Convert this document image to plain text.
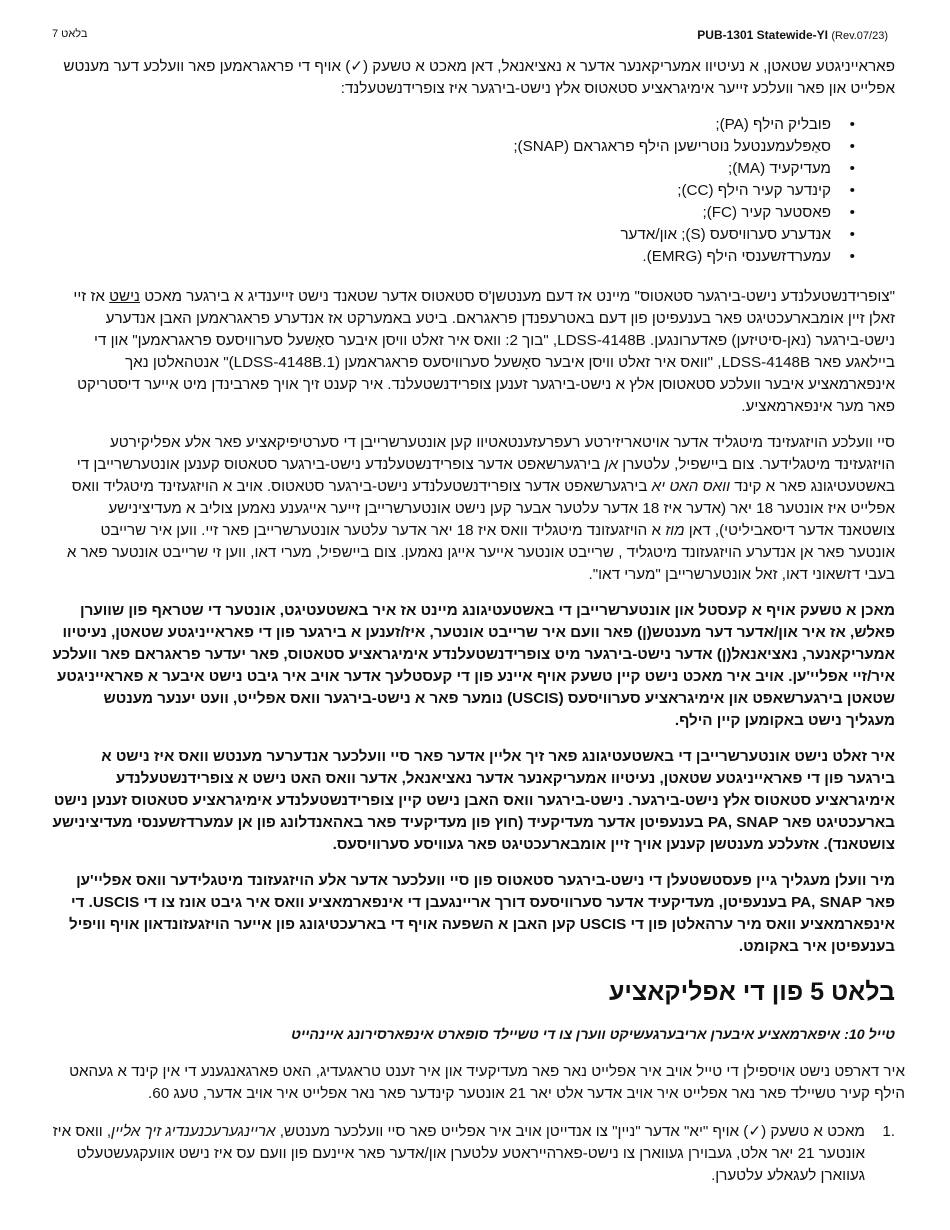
בלאט 7	PUB-1301 Statewide-YI (Rev.07/23)

פאראייניגטע שטאטן, א נעיטיוו אמעריקאנער אדער א נאציאנאל, דאן מאכט א טשעק (✓) אויף די פראגראמען פאר וועלכע דער מענטש אפלייט און פאר וועלכע זייער אימיגראציע סטאטוס אלץ נישט-בירגער איז צופרידנשטעלנד:

• פובליק הילף (PA);
• סאַפּלעמענטעל נוטרישען הילף פראגראם (SNAP);
• מעדיקעיד (MA);
• קינדער קעיר הילף (CC);
• פאסטער קעיר (FC);
• אנדערע סערוויסעס (S); און/אדער
• עמערדזשענסי הילף (EMRG).

"צופרידנשטעלנדע נישט-בירגער סטאטוס" מיינט אז דעם מענטשן'ס סטאטוס אדער שטאנד נישט זייענדיג א בירגער מאכט נישט אז זיי זאלן זיין אומבארעכטיגט פאר בענעפיטן פון דעם באטרעפנדן פראגראם. ביטע באמערקט אז אנדערע פראגראמען האבן אנדערע נישט-בירגער (נאן-סיטיזען) פאדערונגען. LDSS-4148B, "בוך 2: וואס איר זאלט וויסן איבער סאָשעל סערוויסעס פראגראמען" און די ביילאגע פאר LDSS-4148B, "וואס איר זאלט וויסן איבער סאָשעל סערוויסעס פראגראמען (LDSS-4148B.1)" אנטהאלטן נאך אינפארמאציע איבער וועלכע סטאטוסן אלץ א נישט-בירגער זענען צופרידנשטעלנד. איר קענט זיך אויך פארבינדן מיט אייער דיסטריקט פאר מער אינפארמאציע.

סיי וועלכע הויזגעזינד מיטגליד אדער אויטאריזירטע רעפרעזענטאטיוו קען אונטערשרייבן די סערטיפיקאציע פאר אלע אפליקירטע הויזגעזינד מיטגלידער. צום ביישפיל, עלטערן אן בירגערשאפט אדער צופרידנשטעלנדע נישט-בירגער סטאטוס קענען אונטערשרייבן די באשטעטיגונג פאר א קינד וואס האט יא בירגערשאפט אדער צופרידנשטעלנדע נישט-בירגער סטאטוס. אויב א הויזגעזינד מיטגליד וואס אפלייט איז אונטער 18 יאר (אדער איז 18 אדער עלטער אבער קען נישט אונטערשרייבן זייער אייגענע נאמען צוליב א מעדיצינישע צושטאנד אדער דיסאביליטי), דאן מוז א הויזגעזונד מיטגליד וואס איז 18 יאר אדער עלטער אונטערשרייבן פאר זיי. ווען איר שרייבט אונטער פאר אן אנדערע הויזגעזונד מיטגליד , שרייבט אונטער אייער אייגן נאמען. צום ביישפיל, מערי דאו, ווען זי שרייבט אונטער פאר א בעבי דזשאוני דאו, זאל אונטערשרייבן "מערי דאו".

מאכן א טשעק אויף א קעסטל און אונטערשרייבן די באשטעטיגונג מיינט אז איר באשטעטיגט, אונטער די שטראף פון שווערן פאלש, אז איר און/אדער דער מענטש(ן) פאר וועם איר שרייבט אונטער, איז/זענען א בירגער פון די פאראייניגטע שטאטן, נעיטיוו אמעריקאנער, נאציאנאל(ן) אדער נישט-בירגער מיט צופרידנשטעלנדע אימיגראציע סטאטוס, פאר יעדער פראגראם פאר וועלכע איר/זיי אפליי'ען. אויב איר מאכט נישט קיין טשעק אויף איינע פון די קעסטלעך אדער אויב איר גיבט נישט איבער א פאראייניגטע שטאטן בירגערשאפט און אימיגראציע סערוויסעס (USCIS) נומער פאר א נישט-בירגער וואס אפלייט, וועט יענער מענטש מעגליך נישט באקומען קיין הילף.

איר זאלט נישט אונטערשרייבן די באשטעטיגונג פאר זיך אליין אדער פאר סיי וועלכער אנדערער מענטש וואס איז נישט א בירגער פון די פאראייניגטע שטאטן, נעיטיוו אמעריקאנער אדער נאציאנאל, אדער וואס האט נישט א צופרידנשטעלנדע אימיגראציע סטאטוס אלץ נישט-בירגער. נישט-בירגער וואס האבן נישט קיין צופרידנשטעלנדע אימיגראציע סטאטוס זענען נישט בארעכטיגט פאר PA, SNAP בענעפיטן אדער מעדיקעיד (חוץ פון מעדיקעיד פאר באהאנדלונג פון אן עמערדזשענסי מעדיצינישע צושטאנד). אזעלכע מענטשן קענען אויך זיין אומבארעכטיגט פאר געוויסע סערוויסעס.

מיר וועלן מעגליך גיין פעסטשטעלן די נישט-בירגער סטאטוס פון סיי וועלכער אדער אלע הויזגעזונד מיטגלידער וואס אפליי'ען פאר PA, SNAP בענעפיטן, מעדיקעיד אדער סערוויסעס דורך אריינגעבן די אינפארמאציע וואס איר גיבט אונז צו די USCIS. די אינפארמאציע וואס מיר ערהאלטן פון די USCIS קען האבן א השפעה אויף די בארעכטיגונג פון אייער הויזגעזונדאון אויף וויפיל בענעפיטן איר באקומט.

בלאט 5 פון די אפליקאציע
טייל 10: איפארמאציע איבערן אריבערגעשיקט ווערן צו די טשיילד סופארט אינפארסירונג איינהייט

איר דארפט נישט אויספילן די טייל אויב איר אפלייט נאר פאר מעדיקעיד און איר זענט טראגעדיג, האט פארגאנגענע די אין קינד א געהאט הילף קעיר טשיילד פאר נאר אפלייט איר אויב אדער אלט יאר 21 אונטער קינדער פאר נאר אפלייט איר אויב אדער, טעג 60.

1.
מאכט א טשעק (✓) אויף "יא" אדער "ניין" צו אנדייטן אויב איר אפלייט פאר סיי וועלכער מענטש, אריינגערעכנענדיג זיך אליין, וואס איז אונטער 21 יאר אלט, געבוירן געווארן צו נישט-פארהייראטע עלטערן און/אדער פאר איינעם פון וועם עס איז נישט אוועקגעשטעלט געווארן לעגאלע עלטערן.
